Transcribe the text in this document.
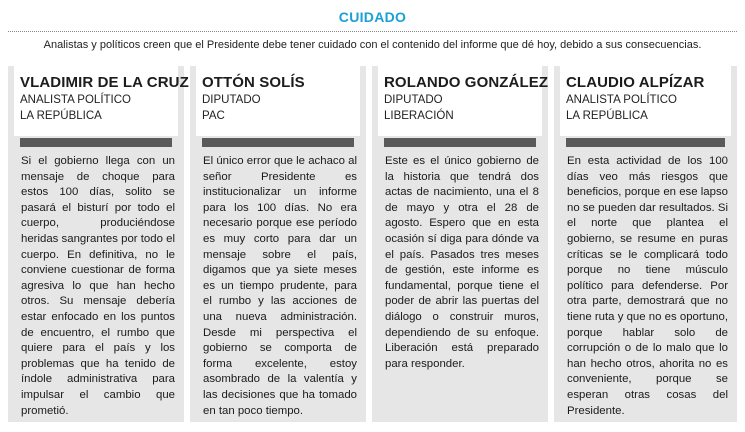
CUIDADO
Analistas y políticos creen que el Presidente debe tener cuidado con el contenido del informe que dé hoy, debido a sus consecuencias.
VLADIMIR DE LA CRUZ
ANALISTA POLÍTICO
LA REPÚBLICA
Si el gobierno llega con un mensaje de choque para estos 100 días, solito se pasará el bisturí por todo el cuerpo, produciéndose heridas sangrantes por todo el cuerpo. En definitiva, no le conviene cuestionar de forma agresiva lo que han hecho otros. Su mensaje debería estar enfocado en los puntos de encuentro, el rumbo que quiere para el país y los problemas que ha tenido de índole administrativa para impulsar el cambio que prometió.
OTTÓN SOLÍS
DIPUTADO
PAC
El único error que le achaco al señor Presidente es institucionalizar un informe para los 100 días. No era necesario porque ese período es muy corto para dar un mensaje sobre el país, digamos que ya siete meses es un tiempo prudente, para el rumbo y las acciones de una nueva administración. Desde mi perspectiva el gobierno se comporta de forma excelente, estoy asombrado de la valentía y las decisiones que ha tomado en tan poco tiempo.
ROLANDO GONZÁLEZ
DIPUTADO
LIBERACIÓN
Este es el único gobierno de la historia que tendrá dos actas de nacimiento, una el 8 de mayo y otra el 28 de agosto. Espero que en esta ocasión sí diga para dónde va el país. Pasados tres meses de gestión, este informe es fundamental, porque tiene el poder de abrir las puertas del diálogo o construir muros, dependiendo de su enfoque. Liberación está preparado para responder.
CLAUDIO ALPÍZAR
ANALISTA POLÍTICO
LA REPÚBLICA
En esta actividad de los 100 días veo más riesgos que beneficios, porque en ese lapso no se pueden dar resultados. Si el norte que plantea el gobierno, se resume en puras críticas se le complicará todo porque no tiene músculo político para defenderse. Por otra parte, demostrará que no tiene ruta y que no es oportuno, porque hablar solo de corrupción o de lo malo que lo han hecho otros, ahorita no es conveniente, porque se esperan otras cosas del Presidente.
